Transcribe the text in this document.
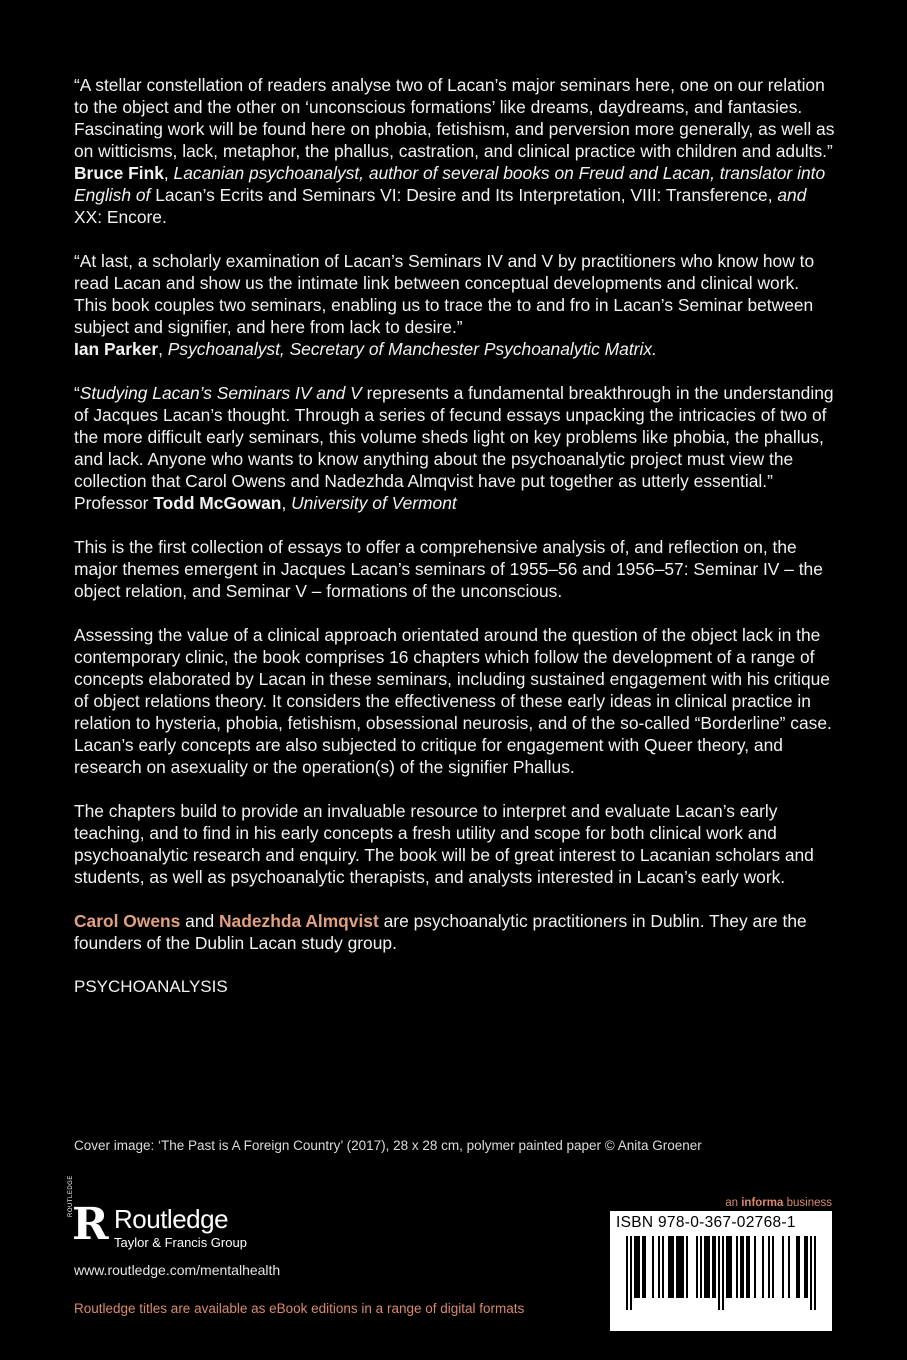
“A stellar constellation of readers analyse two of Lacan’s major seminars here, one on our relation to the object and the other on ‘unconscious formations’ like dreams, daydreams, and fantasies. Fascinating work will be found here on phobia, fetishism, and perversion more generally, as well as on witticisms, lack, metaphor, the phallus, castration, and clinical practice with children and adults.”

Bruce Fink, Lacanian psychoanalyst, author of several books on Freud and Lacan, translator into English of Lacan’s Ecrits and Seminars VI: Desire and Its Interpretation, VIII: Transference, and XX: Encore.

“At last, a scholarly examination of Lacan’s Seminars IV and V by practitioners who know how to read Lacan and show us the intimate link between conceptual developments and clinical work. This book couples two seminars, enabling us to trace the to and fro in Lacan’s Seminar between subject and signifier, and here from lack to desire.”

Ian Parker, Psychoanalyst, Secretary of Manchester Psychoanalytic Matrix.

“Studying Lacan’s Seminars IV and V represents a fundamental breakthrough in the understanding of Jacques Lacan’s thought. Through a series of fecund essays unpacking the intricacies of two of the more difficult early seminars, this volume sheds light on key problems like phobia, the phallus, and lack. Anyone who wants to know anything about the psychoanalytic project must view the collection that Carol Owens and Nadezhda Almqvist have put together as utterly essential.”

Professor Todd McGowan, University of Vermont

This is the first collection of essays to offer a comprehensive analysis of, and reflection on, the major themes emergent in Jacques Lacan’s seminars of 1955–56 and 1956–57: Seminar IV – the object relation, and Seminar V – formations of the unconscious.

Assessing the value of a clinical approach orientated around the question of the object lack in the contemporary clinic, the book comprises 16 chapters which follow the development of a range of concepts elaborated by Lacan in these seminars, including sustained engagement with his critique of object relations theory. It considers the effectiveness of these early ideas in clinical practice in relation to hysteria, phobia, fetishism, obsessional neurosis, and of the so-called “Borderline” case. Lacan’s early concepts are also subjected to critique for engagement with Queer theory, and research on asexuality or the operation(s) of the signifier Phallus.

The chapters build to provide an invaluable resource to interpret and evaluate Lacan’s early teaching, and to find in his early concepts a fresh utility and scope for both clinical work and psychoanalytic research and enquiry. The book will be of great interest to Lacanian scholars and students, as well as psychoanalytic therapists, and analysts interested in Lacan’s early work.

Carol Owens and Nadezhda Almqvist are psychoanalytic practitioners in Dublin. They are the founders of the Dublin Lacan study group.

PSYCHOANALYSIS
Cover image: ‘The Past is A Foreign Country’ (2017), 28 x 28 cm, polymer painted paper © Anita Groener
R
ROUTLEDGE
Routledge
Taylor & Francis Group
www.routledge.com/mentalhealth
Routledge titles are available as eBook editions in a range of digital formats
an informa business
ISBN 978-0-367-02768-1
9 780367 027681
